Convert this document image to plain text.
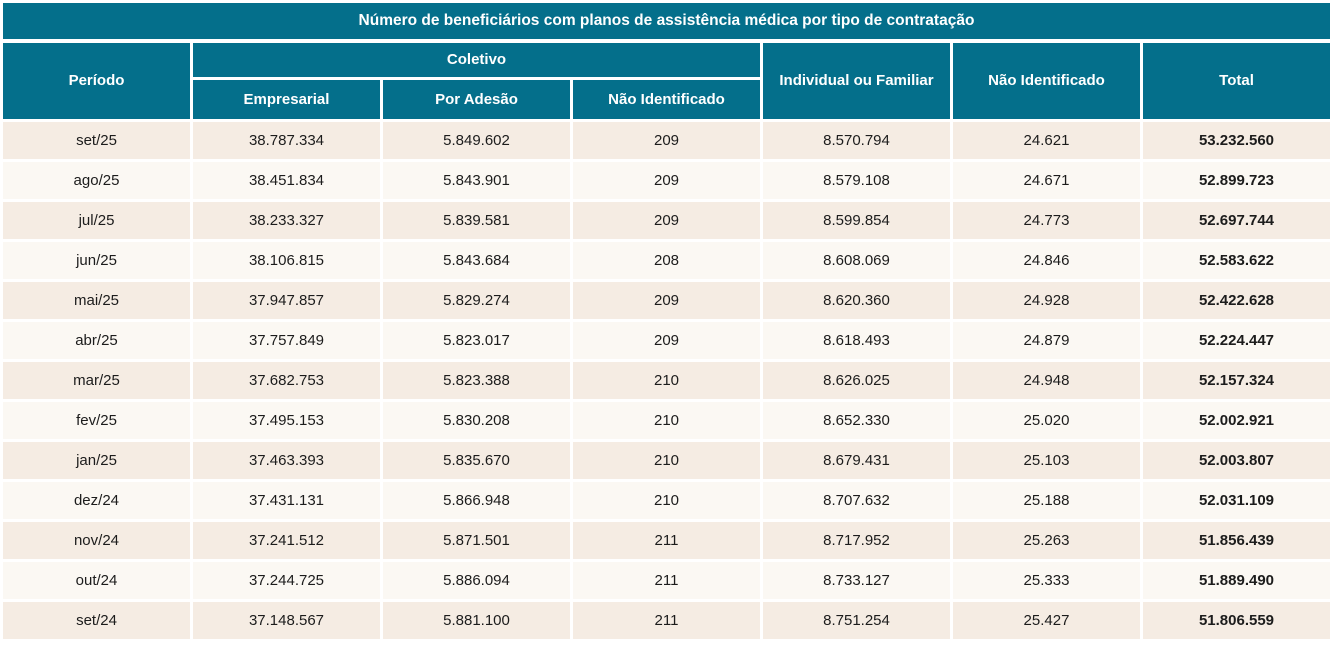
Número de beneficiários com planos de assistência médica por tipo de contratação						
Período	Coletivo			Individual ou Familiar	Não Identificado	Total
	Empresarial	Por Adesão	Não Identificado			
set/25	38.787.334	5.849.602	209	8.570.794	24.621	53.232.560
ago/25	38.451.834	5.843.901	209	8.579.108	24.671	52.899.723
jul/25	38.233.327	5.839.581	209	8.599.854	24.773	52.697.744
jun/25	38.106.815	5.843.684	208	8.608.069	24.846	52.583.622
mai/25	37.947.857	5.829.274	209	8.620.360	24.928	52.422.628
abr/25	37.757.849	5.823.017	209	8.618.493	24.879	52.224.447
mar/25	37.682.753	5.823.388	210	8.626.025	24.948	52.157.324
fev/25	37.495.153	5.830.208	210	8.652.330	25.020	52.002.921
jan/25	37.463.393	5.835.670	210	8.679.431	25.103	52.003.807
dez/24	37.431.131	5.866.948	210	8.707.632	25.188	52.031.109
nov/24	37.241.512	5.871.501	211	8.717.952	25.263	51.856.439
out/24	37.244.725	5.886.094	211	8.733.127	25.333	51.889.490
set/24	37.148.567	5.881.100	211	8.751.254	25.427	51.806.559
